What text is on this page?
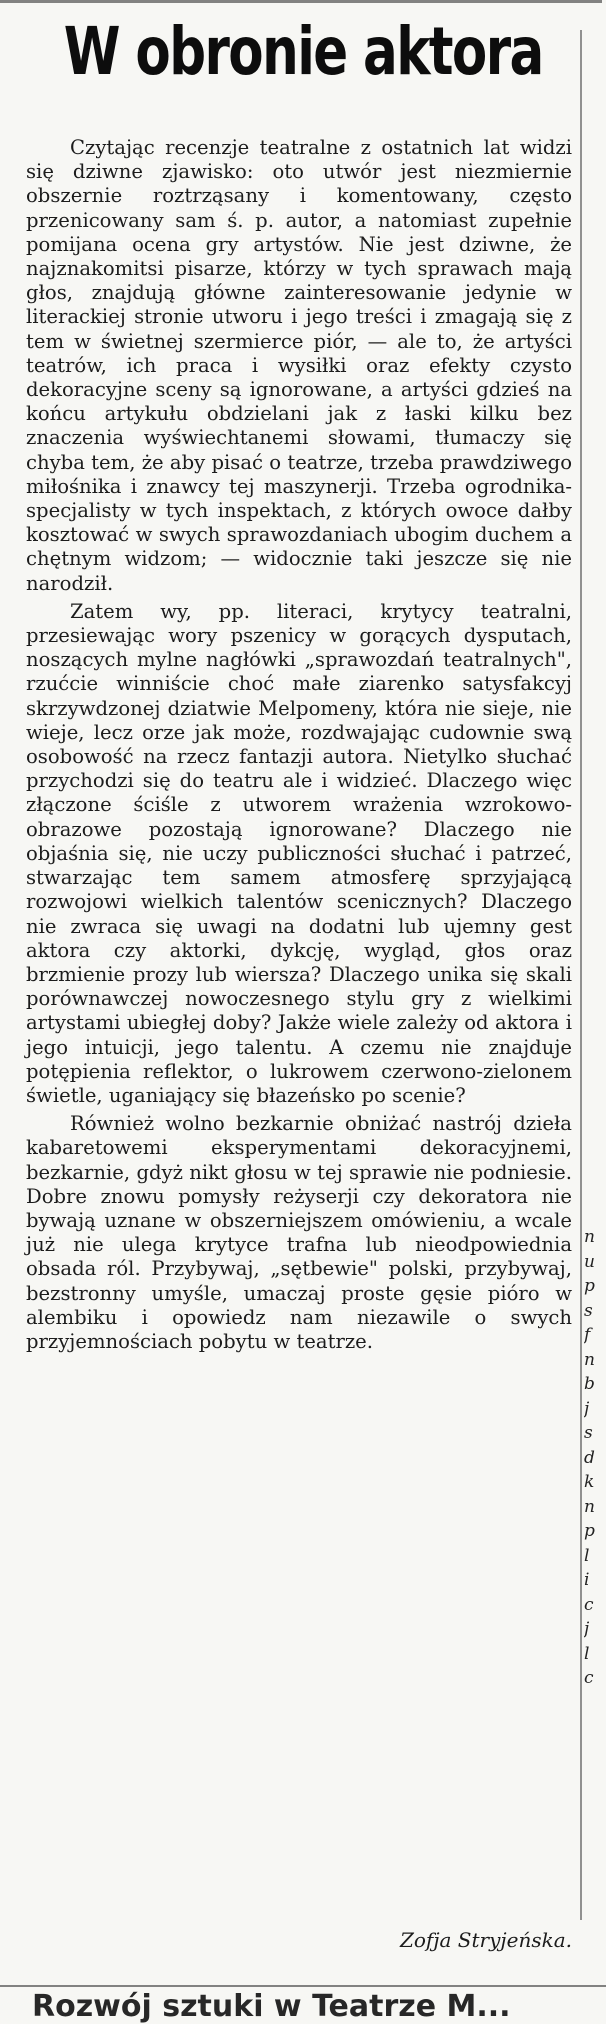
W obronie aktora

Czytając recenzje teatralne z ostatnich lat widzi się dziwne zjawisko: oto utwór jest niezmiernie obszernie roztrząsany i komentowany, często przenicowany sam ś. p. autor, a natomiast zupełnie pomijana ocena gry artystów. Nie jest dziwne, że najznakomitsi pisarze, którzy w tych sprawach mają głos, znajdują główne zainteresowanie jedynie w literackiej stronie utworu i jego treści i zmagają się z tem w świetnej szermierce piór, — ale to, że artyści teatrów, ich praca i wysiłki oraz efekty czysto dekoracyjne sceny są ignorowane, a artyści gdzieś na końcu artykułu obdzielani jak z łaski kilku bez znaczenia wyświechtanemi słowami, tłumaczy się chyba tem, że aby pisać o teatrze, trzeba prawdziwego miłośnika i znawcy tej maszynerji. Trzeba ogrodnika-specjalisty w tych inspektach, z których owoce dałby kosztować w swych sprawozdaniach ubogim duchem a chętnym widzom; — widocznie taki jeszcze się nie narodził.

Zatem wy, pp. literaci, krytycy teatralni, przesiewając wory pszenicy w gorących dysputach, noszących mylne nagłówki „sprawozdań teatralnych", rzućcie winniście choć małe ziarenko satysfakcyj skrzywdzonej dziatwie Melpomeny, która nie sieje, nie wieje, lecz orze jak może, rozdwajając cudownie swą osobowość na rzecz fantazji autora. Nietylko słuchać przychodzi się do teatru ale i widzieć. Dlaczego więc złączone ściśle z utworem wrażenia wzrokowo-obrazowe pozostają ignorowane? Dlaczego nie objaśnia się, nie uczy publiczności słuchać i patrzeć, stwarzając tem samem atmosferę sprzyjającą rozwojowi wielkich talentów scenicznych? Dlaczego nie zwraca się uwagi na dodatni lub ujemny gest aktora czy aktorki, dykcję, wygląd, głos oraz brzmienie prozy lub wiersza? Dlaczego unika się skali porównawczej nowoczesnego stylu gry z wielkimi artystami ubiegłej doby? Jakże wiele zależy od aktora i jego intuicji, jego talentu. A czemu nie znajduje potępienia reflektor, o lukrowem czerwono-zielonem świetle, uganiający się błazeńsko po scenie?

Również wolno bezkarnie obniżać nastrój dzieła kabaretowemi eksperymentami dekoracyjnemi, bezkarnie, gdyż nikt głosu w tej sprawie nie podniesie. Dobre znowu pomysły reżyserji czy dekoratora nie bywają uznane w obszerniejszem omówieniu, a wcale już nie ulega krytyce trafna lub nieodpowiednia obsada ról. Przybywaj, „sętbewie" polski, przybywaj, bezstronny umyśle, umaczaj proste gęsie pióro w alembiku i opowiedz nam niezawile o swych przyjemnościach pobytu w teatrze.

Zofja Stryjeńska.
n
u
p
s
f
n
b
j
s
d
k
n
p
l
i
c
j
l
c
Rozwój sztuki w Teatrze M...
